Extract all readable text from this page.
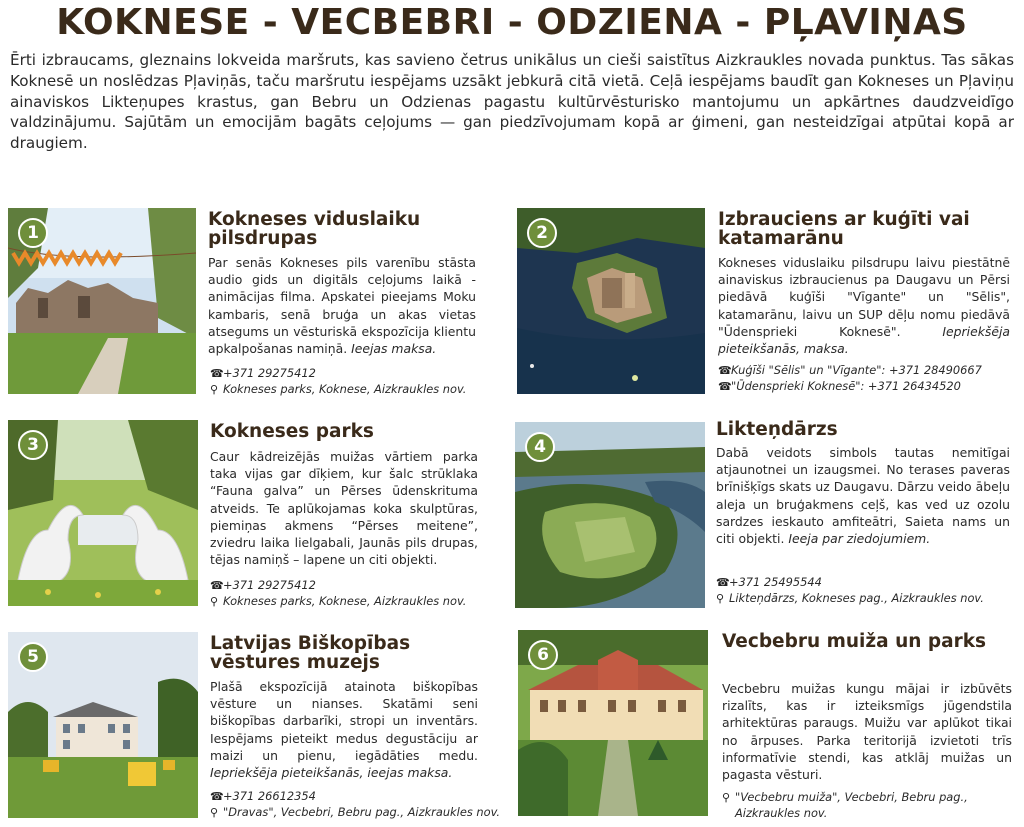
KOKNESE - VECBEBRI - ODZIENA - PĻAVIŅAS

Ērti izbraucams, gleznains lokveida maršruts, kas savieno četrus unikālus un cieši saistītus Aizkraukles novada punktus. Tas sākas Koknesē un noslēdzas Pļaviņās, taču maršrutu iespējams uzsākt jebkurā citā vietā. Ceļā iespējams baudīt gan Kokneses un Pļaviņu ainaviskos Likteņupes krastus, gan Bebru un Odzienas pagastu kultūrvēsturisko mantojumu un apkārtnes daudzveidīgo valdzinājumu. Sajūtām un emocijām bagāts ceļojums — gan piedzīvojumam kopā ar ģimeni, gan nesteidzīgai atpūtai kopā ar draugiem.

1
Kokneses viduslaiku pilsdrupas
Par senās Kokneses pils varenību stāsta audio gids un digitāls ceļojums laikā - animācijas filma. Apskatei pieejams Moku kambaris, senā bruģa un akas vietas atsegums un vēsturiskā ekspozīcija klientu apkalpošanas namiņā. Ieejas maksa.
☎+371 29275412
⚲ Kokneses parks, Koknese, Aizkraukles nov.
2
Izbrauciens ar kuģīti vai katamarānu
Kokneses viduslaiku pilsdrupu laivu piestātnē ainaviskus izbraucienus pa Daugavu un Pērsi piedāvā kuģīši "Vīgante" un "Sēlis", katamarānu, laivu un SUP dēļu nomu piedāvā "Ūdensprieki Koknesē".	Iepriekšēja pieteikšanās, maksa.
☎Kuģīši "Sēlis" un "Vīgante": +371 28490667
☎"Ūdensprieki Koknesē": +371 26434520
3
Kokneses parks
Caur kādreizējās muižas vārtiem parka taka vijas gar dīķiem, kur šalc strūklaka “Fauna galva” un Pērses ūdenskrituma atveids. Te aplūkojamas koka skulptūras, piemiņas akmens “Pērses meitene”, zviedru laika lielgabali, Jaunās pils drupas, tējas namiņš – lapene un citi objekti.
☎+371 29275412
⚲ Kokneses parks, Koknese, Aizkraukles nov.
4
Likteņdārzs
Dabā veidots simbols tautas nemitīgai atjaunotnei un izaugsmei. No terases paveras brīnišķīgs skats uz Daugavu. Dārzu veido ābeļu aleja un bruģakmens ceļš, kas ved uz ozolu sardzes ieskauto amfiteātri, Saieta nams un citi objekti. Ieeja par ziedojumiem.
☎+371 25495544
⚲ Likteņdārzs, Kokneses pag., Aizkraukles nov.
5
Latvijas Biškopības vēstures muzejs
Plašā ekspozīcijā atainota biškopības vēsture un nianses. Skatāmi seni biškopības darbarīki, stropi un inventārs. Iespējams pieteikt medus degustāciju ar maizi un pienu, iegādāties medu. Iepriekšēja pieteikšanās, ieejas maksa.
☎+371 26612354
⚲ "Dravas", Vecbebri, Bebru pag., Aizkraukles nov.
6
Vecbebru muiža un parks
Vecbebru muižas kungu mājai ir izbūvēts rizalīts, kas ir izteiksmīgs jūgendstila arhitektūras paraugs. Muižu var aplūkot tikai no ārpuses. Parka teritorijā izvietoti trīs informatīvie stendi, kas atklāj muižas un pagasta vēsturi.
⚲ "Vecbebru muiža", Vecbebri, Bebru pag.,
Aizkraukles nov.
